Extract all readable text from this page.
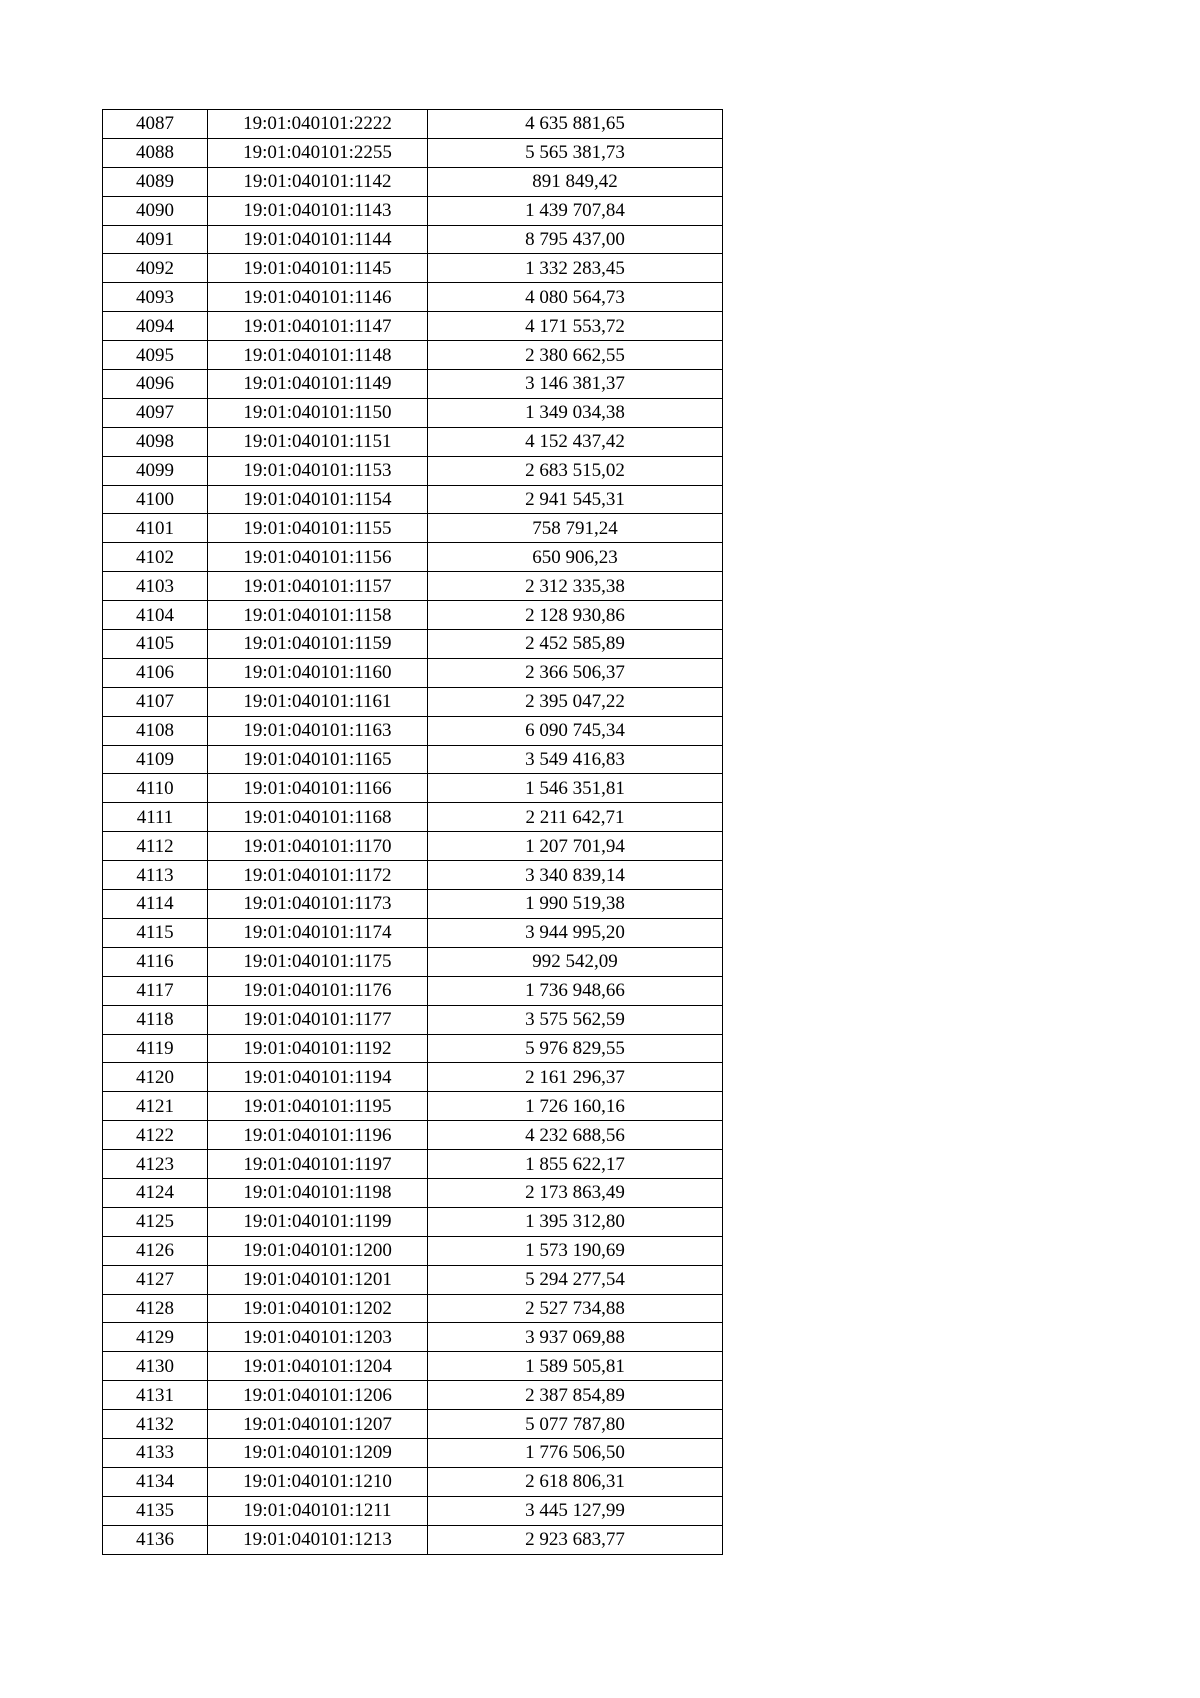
4087	19:01:040101:2222	4 635 881,65
4088	19:01:040101:2255	5 565 381,73
4089	19:01:040101:1142	891 849,42
4090	19:01:040101:1143	1 439 707,84
4091	19:01:040101:1144	8 795 437,00
4092	19:01:040101:1145	1 332 283,45
4093	19:01:040101:1146	4 080 564,73
4094	19:01:040101:1147	4 171 553,72
4095	19:01:040101:1148	2 380 662,55
4096	19:01:040101:1149	3 146 381,37
4097	19:01:040101:1150	1 349 034,38
4098	19:01:040101:1151	4 152 437,42
4099	19:01:040101:1153	2 683 515,02
4100	19:01:040101:1154	2 941 545,31
4101	19:01:040101:1155	758 791,24
4102	19:01:040101:1156	650 906,23
4103	19:01:040101:1157	2 312 335,38
4104	19:01:040101:1158	2 128 930,86
4105	19:01:040101:1159	2 452 585,89
4106	19:01:040101:1160	2 366 506,37
4107	19:01:040101:1161	2 395 047,22
4108	19:01:040101:1163	6 090 745,34
4109	19:01:040101:1165	3 549 416,83
4110	19:01:040101:1166	1 546 351,81
4111	19:01:040101:1168	2 211 642,71
4112	19:01:040101:1170	1 207 701,94
4113	19:01:040101:1172	3 340 839,14
4114	19:01:040101:1173	1 990 519,38
4115	19:01:040101:1174	3 944 995,20
4116	19:01:040101:1175	992 542,09
4117	19:01:040101:1176	1 736 948,66
4118	19:01:040101:1177	3 575 562,59
4119	19:01:040101:1192	5 976 829,55
4120	19:01:040101:1194	2 161 296,37
4121	19:01:040101:1195	1 726 160,16
4122	19:01:040101:1196	4 232 688,56
4123	19:01:040101:1197	1 855 622,17
4124	19:01:040101:1198	2 173 863,49
4125	19:01:040101:1199	1 395 312,80
4126	19:01:040101:1200	1 573 190,69
4127	19:01:040101:1201	5 294 277,54
4128	19:01:040101:1202	2 527 734,88
4129	19:01:040101:1203	3 937 069,88
4130	19:01:040101:1204	1 589 505,81
4131	19:01:040101:1206	2 387 854,89
4132	19:01:040101:1207	5 077 787,80
4133	19:01:040101:1209	1 776 506,50
4134	19:01:040101:1210	2 618 806,31
4135	19:01:040101:1211	3 445 127,99
4136	19:01:040101:1213	2 923 683,77
